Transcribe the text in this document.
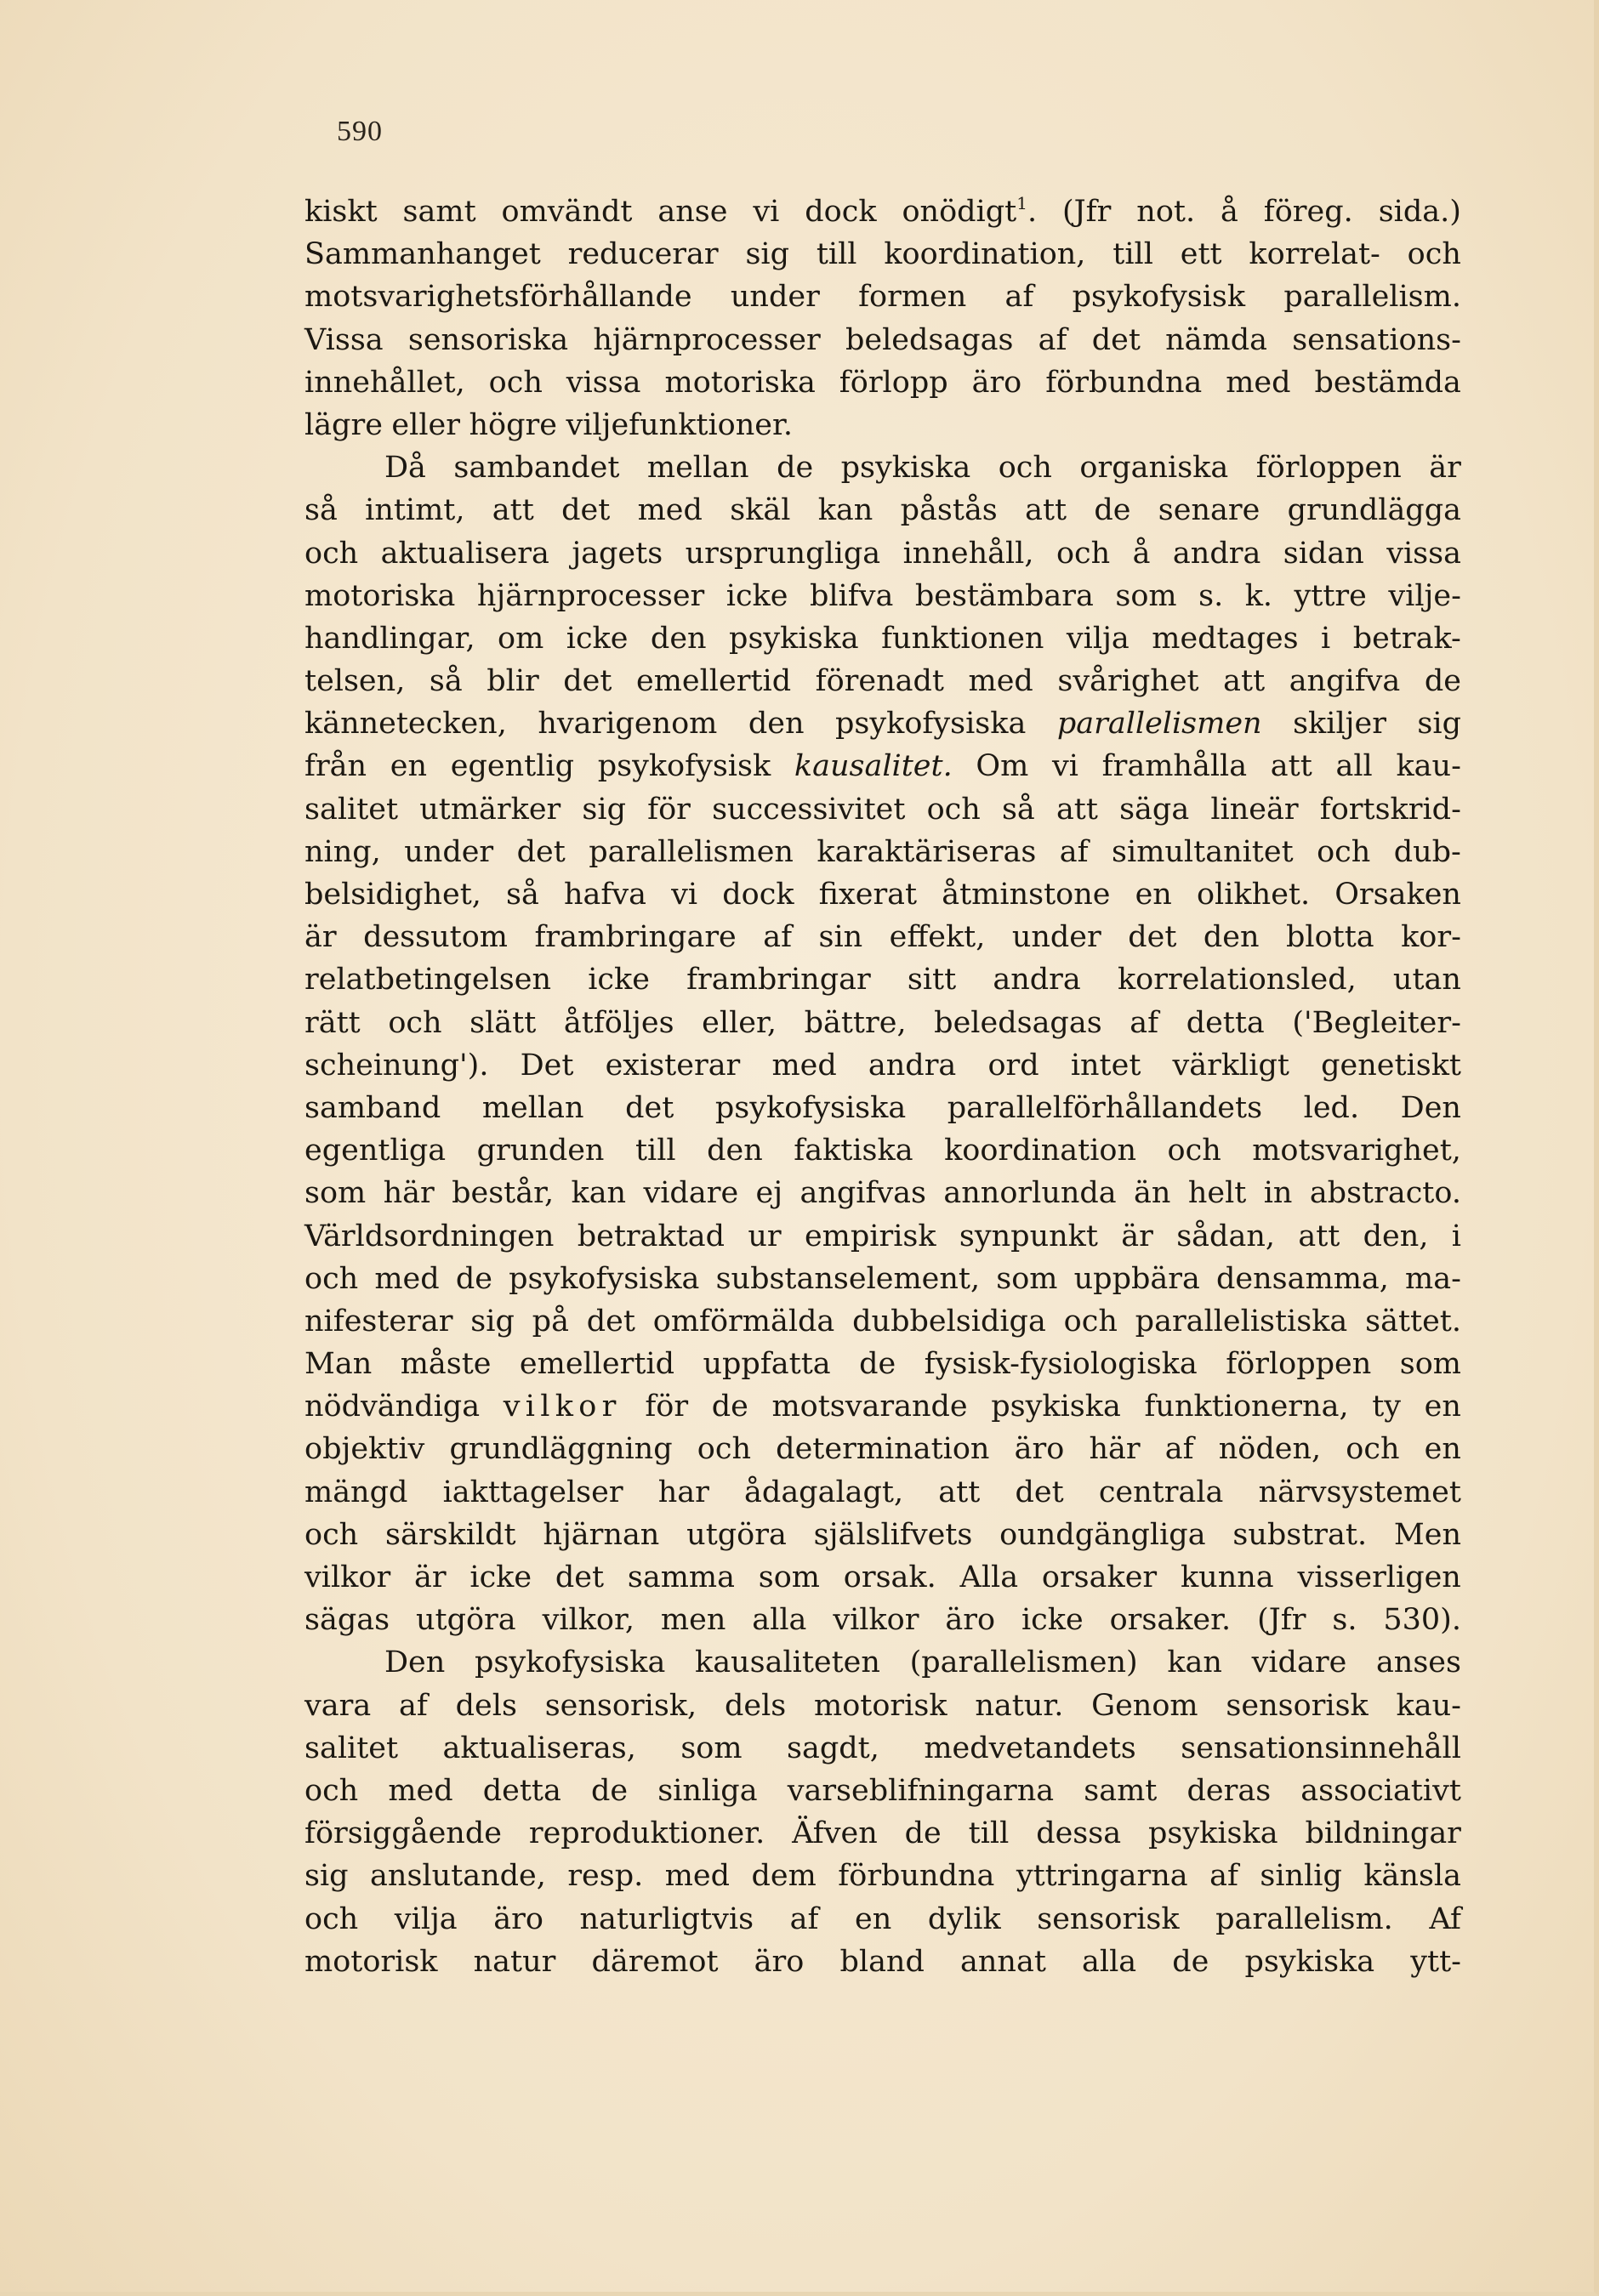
590
kiskt samt omvändt anse vi dock onödigt$^1$. (Jfr not. å föreg. sida.)
Sammanhanget reducerar sig till koordination, till ett korrelat- och
motsvarighetsförhållande under formen af psykofysisk parallelism.
Vissa sensoriska hjärnprocesser beledsagas af det nämda sensations-
innehållet, och vissa motoriska förlopp äro förbundna med bestämda
lägre eller högre viljefunktioner.
Då sambandet mellan de psykiska och organiska förloppen är
så intimt, att det med skäl kan påstås att de senare grundlägga
och aktualisera jagets ursprungliga innehåll, och å andra sidan vissa
motoriska hjärnprocesser icke blifva bestämbara som s. k. yttre vilje-
handlingar, om icke den psykiska funktionen vilja medtages i betrak-
telsen, så blir det emellertid förenadt med svårighet att angifva de
kännetecken, hvarigenom den psykofysiska parallelismen skiljer sig
från en egentlig psykofysisk kausalitet. Om vi framhålla att all kau-
salitet utmärker sig för successivitet och så att säga lineär fortskrid-
ning, under det parallelismen karaktäriseras af simultanitet och dub-
belsidighet, så hafva vi dock fixerat åtminstone en olikhet. Orsaken
är dessutom frambringare af sin effekt, under det den blotta kor-
relatbetingelsen icke frambringar sitt andra korrelationsled, utan
rätt och slätt åtföljes eller, bättre, beledsagas af detta ('Begleiter-
scheinung'). Det existerar med andra ord intet värkligt genetiskt
samband mellan det psykofysiska parallelförhållandets led. Den
egentliga grunden till den faktiska koordination och motsvarighet,
som här består, kan vidare ej angifvas annorlunda än helt in abstracto.
Världsordningen betraktad ur empirisk synpunkt är sådan, att den, i
och med de psykofysiska substanselement, som uppbära densamma, ma-
nifesterar sig på det omförmälda dubbelsidiga och parallelistiska sättet.
Man måste emellertid uppfatta de fysisk-fysiologiska förloppen som
nödvändiga vilkor för de motsvarande psykiska funktionerna, ty en
objektiv grundläggning och determination äro här af nöden, och en
mängd iakttagelser har ådagalagt, att det centrala närvsystemet
och särskildt hjärnan utgöra själslifvets oundgängliga substrat. Men
vilkor är icke det samma som orsak. Alla orsaker kunna visserligen
sägas utgöra vilkor, men alla vilkor äro icke orsaker. (Jfr s. 530).
Den psykofysiska kausaliteten (parallelismen) kan vidare anses
vara af dels sensorisk, dels motorisk natur. Genom sensorisk kau-
salitet aktualiseras, som sagdt, medvetandets sensationsinnehåll
och med detta de sinliga varseblifningarna samt deras associativt
försiggående reproduktioner. Äfven de till dessa psykiska bildningar
sig anslutande, resp. med dem förbundna yttringarna af sinlig känsla
och vilja äro naturligtvis af en dylik sensorisk parallelism. Af
motorisk natur däremot äro bland annat alla de psykiska ytt-
